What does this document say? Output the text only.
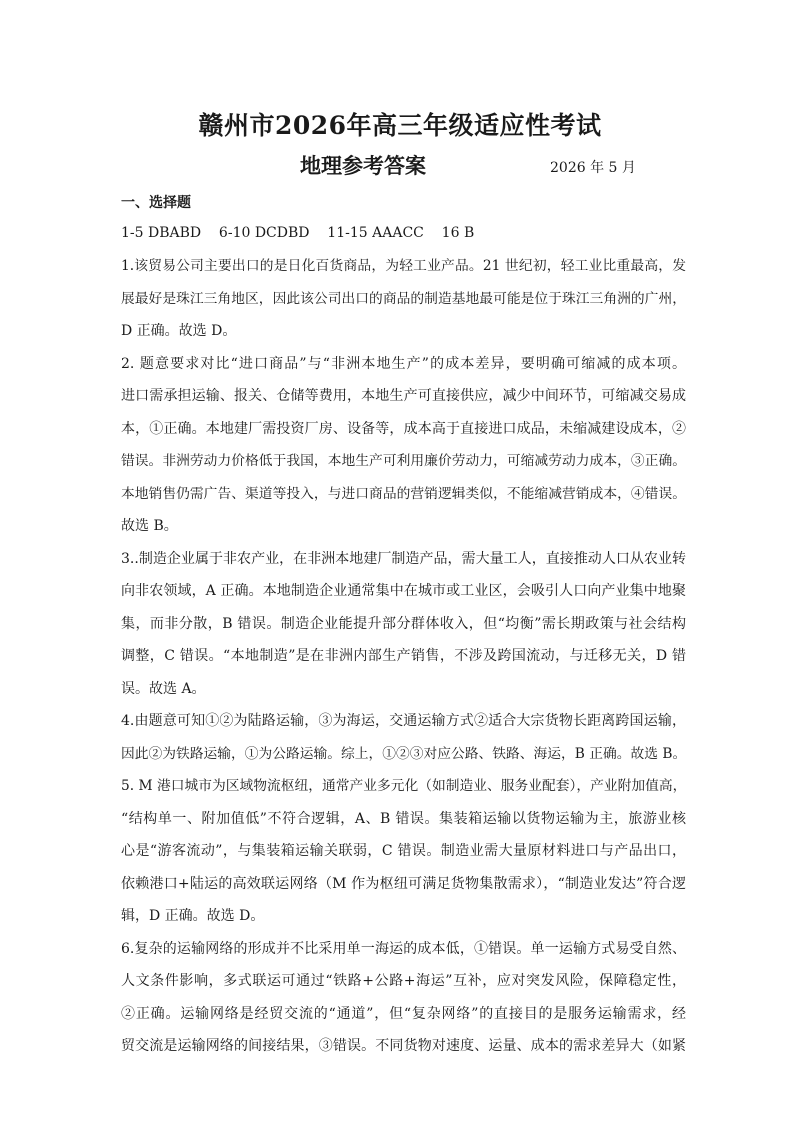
赣州市2026年高三年级适应性考试
地理参考答案	2026 年 5 月
一、选择题
1-5 DBABD    6-10 DCDBD    11-15 AAACC    16 B
1.该贸易公司主要出口的是日化百货商品，为轻工业产品。21 世纪初，轻工业比重最高，发
展最好是珠江三角地区，因此该公司出口的商品的制造基地最可能是位于珠江三角洲的广州，
D 正确。故选 D。
2. 题意要求对比“进口商品”与“非洲本地生产”的成本差异，要明确可缩减的成本项。
进口需承担运输、报关、仓储等费用，本地生产可直接供应，减少中间环节，可缩减交易成
本，①正确。本地建厂需投资厂房、设备等，成本高于直接进口成品，未缩减建设成本，②
错误。非洲劳动力价格低于我国，本地生产可利用廉价劳动力，可缩减劳动力成本，③正确。
本地销售仍需广告、渠道等投入，与进口商品的营销逻辑类似，不能缩减营销成本，④错误。
故选 B。
3..制造企业属于非农产业，在非洲本地建厂制造产品，需大量工人，直接推动人口从农业转
向非农领域，A 正确。本地制造企业通常集中在城市或工业区，会吸引人口向产业集中地聚
集，而非分散，B 错误。制造企业能提升部分群体收入，但“均衡”需长期政策与社会结构
调整，C 错误。“本地制造”是在非洲内部生产销售，不涉及跨国流动，与迁移无关，D 错
误。故选 A。
4.由题意可知①②为陆路运输，③为海运，交通运输方式②适合大宗货物长距离跨国运输，
因此②为铁路运输，①为公路运输。综上，①②③对应公路、铁路、海运，B 正确。故选 B。
5. M 港口城市为区域物流枢纽，通常产业多元化（如制造业、服务业配套），产业附加值高，
“结构单一、附加值低”不符合逻辑，A、B 错误。集装箱运输以货物运输为主，旅游业核
心是“游客流动”，与集装箱运输关联弱，C 错误。制造业需大量原材料进口与产品出口，
依赖港口+陆运的高效联运网络（M 作为枢纽可满足货物集散需求），“制造业发达”符合逻
辑，D 正确。故选 D。
6.复杂的运输网络的形成并不比采用单一海运的成本低，①错误。单一运输方式易受自然、
人文条件影响，多式联运可通过“铁路+公路+海运”互补，应对突发风险，保障稳定性，
②正确。运输网络是经贸交流的“通道”，但“复杂网络”的直接目的是服务运输需求，经
贸交流是运输网络的间接结果，③错误。不同货物对速度、运量、成本的需求差异大（如紧
